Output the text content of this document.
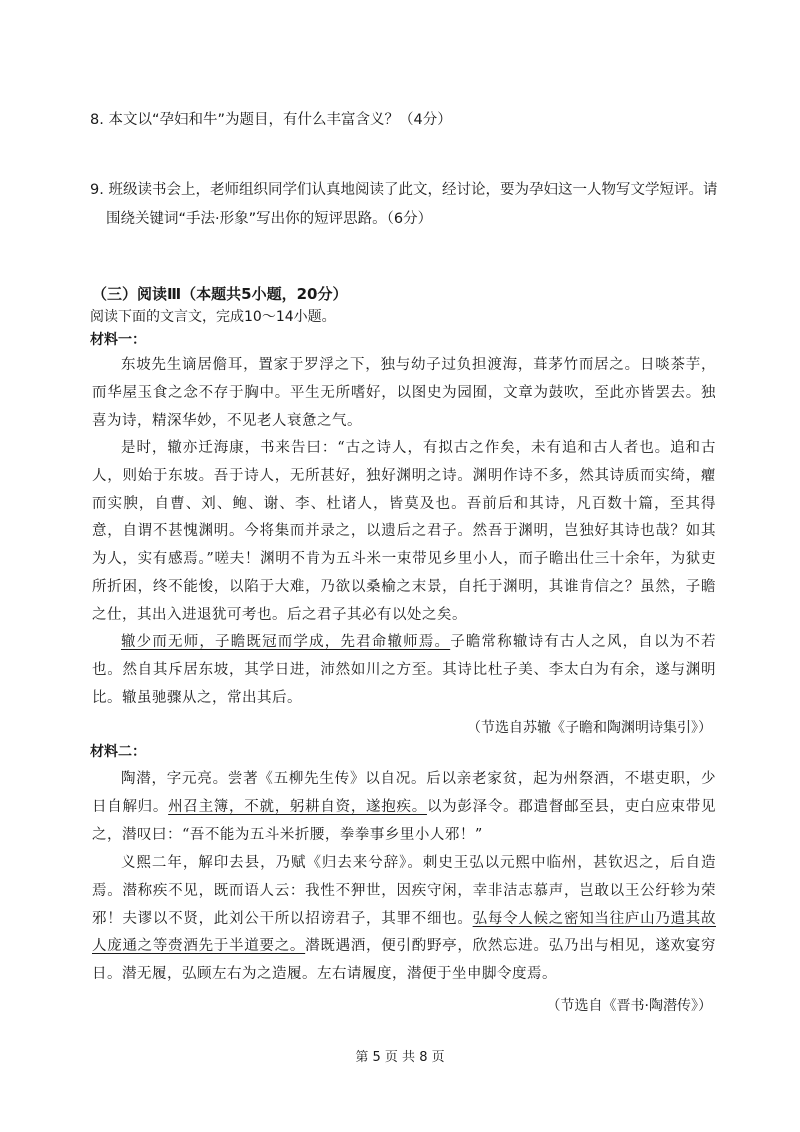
8. 本文以“孕妇和牛”为题目，有什么丰富含义？（4分）
9. 班级读书会上，老师组织同学们认真地阅读了此文，经讨论，要为孕妇这一人物写文学短评。请
围绕关键词“手法·形象”写出你的短评思路。（6分）
（三）阅读Ⅲ（本题共5小题，20分）
阅读下面的文言文，完成10～14小题。
材料一：
东坡先生谪居儋耳，置家于罗浮之下，独与幼子过负担渡海，葺茅竹而居之。日啖茶芋，而华屋玉食之念不存于胸中。平生无所嗜好，以图史为园囿，文章为鼓吹，至此亦皆罢去。独喜为诗，精深华妙，不见老人衰惫之气。
是时，辙亦迁海康，书来告曰：“古之诗人，有拟古之作矣，未有追和古人者也。追和古人，则始于东坡。吾于诗人，无所甚好，独好渊明之诗。渊明作诗不多，然其诗质而实绮，癯而实腴，自曹、刘、鲍、谢、李、杜诸人，皆莫及也。吾前后和其诗，凡百数十篇，至其得意，自谓不甚愧渊明。今将集而并录之，以遗后之君子。然吾于渊明，岂独好其诗也哉？如其为人，实有感焉。”嗟夫！渊明不肯为五斗米一束带见乡里小人，而子瞻出仕三十余年，为狱吏所折困，终不能悛，以陷于大难，乃欲以桑榆之末景，自托于渊明，其谁肯信之？虽然，子瞻之仕，其出入进退犹可考也。后之君子其必有以处之矣。
辙少而无师，子瞻既冠而学成，先君命辙师焉。子瞻常称辙诗有古人之风，自以为不若也。然自其斥居东坡，其学日进，沛然如川之方至。其诗比杜子美、李太白为有余，遂与渊明比。辙虽驰骤从之，常出其后。
（节选自苏辙《子瞻和陶渊明诗集引》）
材料二：
陶潜，字元亮。尝著《五柳先生传》以自况。后以亲老家贫，起为州祭酒，不堪吏职，少日自解归。州召主簿，不就，躬耕自资，遂抱疾。以为彭泽令。郡遣督邮至县，吏白应束带见之，潜叹曰：“吾不能为五斗米折腰，拳拳事乡里小人邪！”
义熙二年，解印去县，乃赋《归去来兮辞》。刺史王弘以元熙中临州，甚钦迟之，后自造焉。潜称疾不见，既而语人云：我性不狎世，因疾守闲，幸非洁志慕声，岂敢以王公纡轸为荣邪！夫谬以不贤，此刘公干所以招谤君子，其罪不细也。弘每令人候之密知当往庐山乃遣其故人庞通之等赍酒先于半道要之。潜既遇酒，便引酌野亭，欣然忘进。弘乃出与相见，遂欢宴穷日。潜无履，弘顾左右为之造履。左右请履度，潜便于坐申脚令度焉。
（节选自《晋书·陶潜传》）
第 5 页 共 8 页
